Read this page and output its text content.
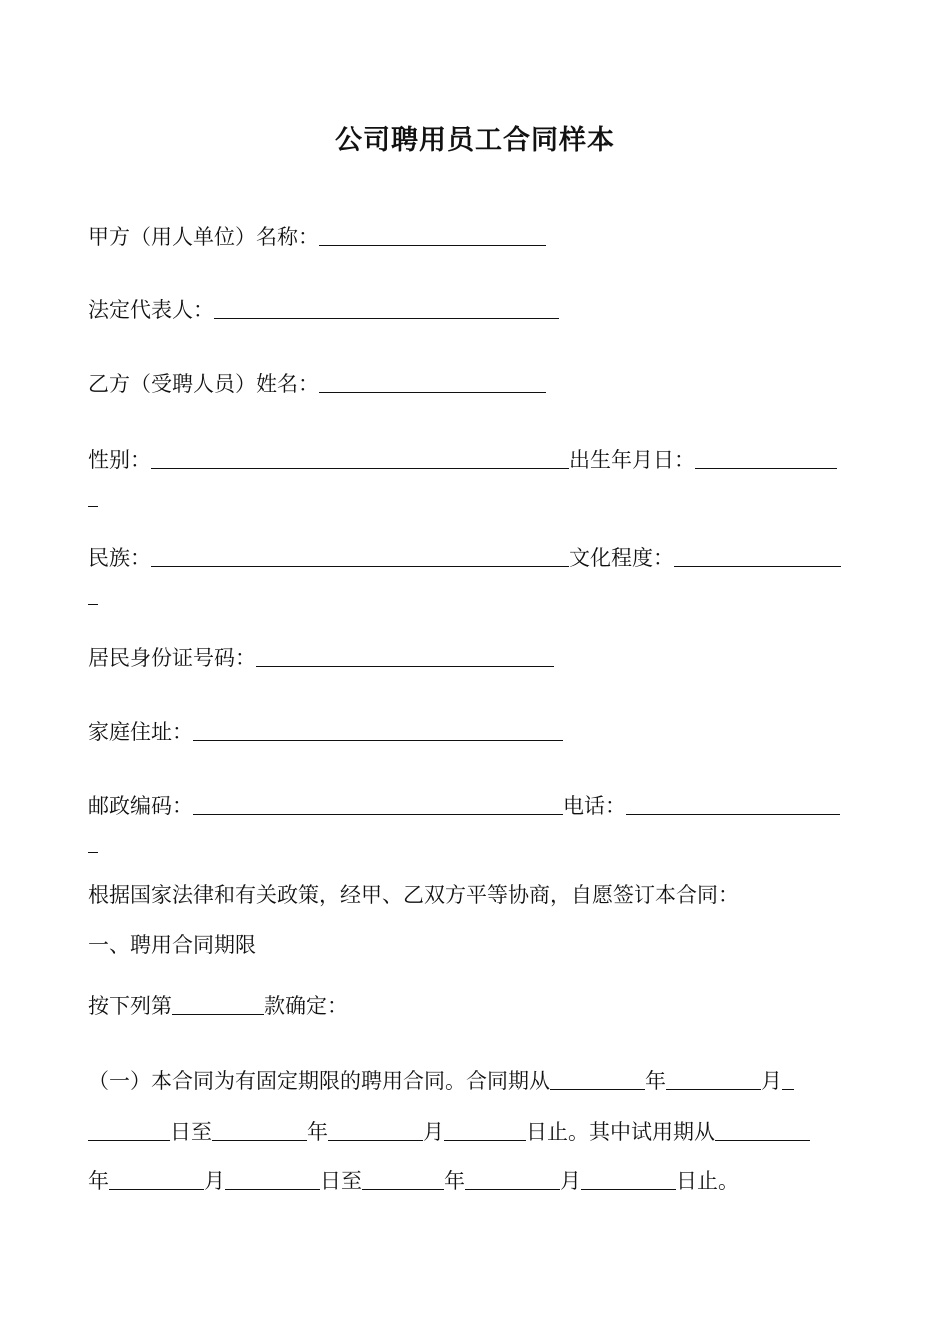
公司聘用员工合同样本
甲方（用人单位）名称：
法定代表人：
乙方（受聘人员）姓名：
性别：	出生年月日：
民族：	文化程度：
居民身份证号码：
家庭住址：
邮政编码：	电话：
根据国家法律和有关政策，经甲、乙双方平等协商，自愿签订本合同：
一、聘用合同期限
按下列第	款确定：
（一）本合同为有固定期限的聘用合同。合同期从	年	月
日至	年	月	日止。其中试用期从
年	月	日至	年	月	日止。
